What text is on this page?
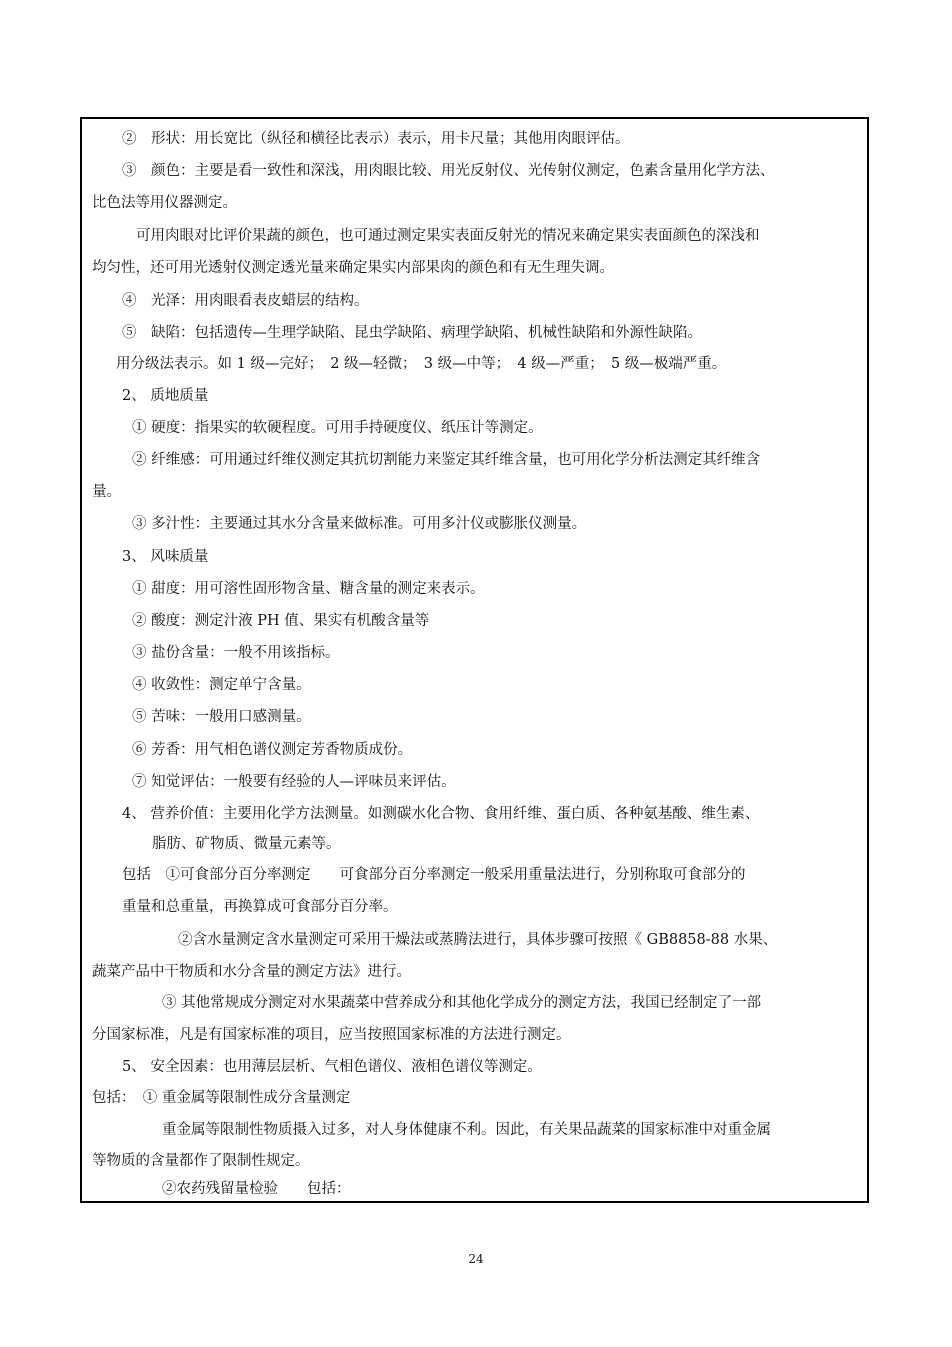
②　形状：用长宽比（纵径和横径比表示）表示，用卡尺量；其他用肉眼评估。
③　颜色：主要是看一致性和深浅，用肉眼比较、用光反射仪、光传射仪测定，色素含量用化学方法、
比色法等用仪器测定。
可用肉眼对比评价果蔬的颜色，也可通过测定果实表面反射光的情况来确定果实表面颜色的深浅和
均匀性，还可用光透射仪测定透光量来确定果实内部果肉的颜色和有无生理失调。
④　光泽：用肉眼看表皮蜡层的结构。
⑤　缺陷：包括遗传—生理学缺陷、昆虫学缺陷、病理学缺陷、机械性缺陷和外源性缺陷。
用分级法表示。如 1 级—完好；　2 级—轻微；　3 级—中等；　4 级—严重；　5 级—极端严重。
2、 质地质量
① 硬度：指果实的软硬程度。可用手持硬度仪、纸压计等测定。
② 纤维感：可用通过纤维仪测定其抗切割能力来鉴定其纤维含量，也可用化学分析法测定其纤维含
量。
③ 多汁性：主要通过其水分含量来做标准。可用多汁仪或膨胀仪测量。
3、 风味质量
① 甜度：用可溶性固形物含量、糖含量的测定来表示。
② 酸度：测定汁液 PH 值、果实有机酸含量等
③ 盐份含量：一般不用该指标。
④ 收敛性：测定单宁含量。
⑤ 苦味：一般用口感测量。
⑥ 芳香：用气相色谱仪测定芳香物质成份。
⑦ 知觉评估：一般要有经验的人—评味员来评估。
4、 营养价值：主要用化学方法测量。如测碳水化合物、食用纤维、蛋白质、各种氨基酸、维生素、
脂肪、矿物质、微量元素等。
包括　①可食部分百分率测定　　可食部分百分率测定一般采用重量法进行，分别称取可食部分的
重量和总重量，再换算成可食部分百分率。
②含水量测定含水量测定可采用干燥法或蒸腾法进行，具体步骤可按照《 GB8858-88 水果、
蔬菜产品中干物质和水分含量的测定方法》进行。
③ 其他常规成分测定对水果蔬菜中营养成分和其他化学成分的测定方法，我国已经制定了一部
分国家标准，凡是有国家标准的项目，应当按照国家标准的方法进行测定。
5、 安全因素：也用薄层层析、气相色谱仪、液相色谱仪等测定。
包括：　① 重金属等限制性成分含量测定
重金属等限制性物质摄入过多，对人身体健康不利。因此，有关果品蔬菜的国家标准中对重金属
等物质的含量都作了限制性规定。
②农药残留量检验　　包括：
24
